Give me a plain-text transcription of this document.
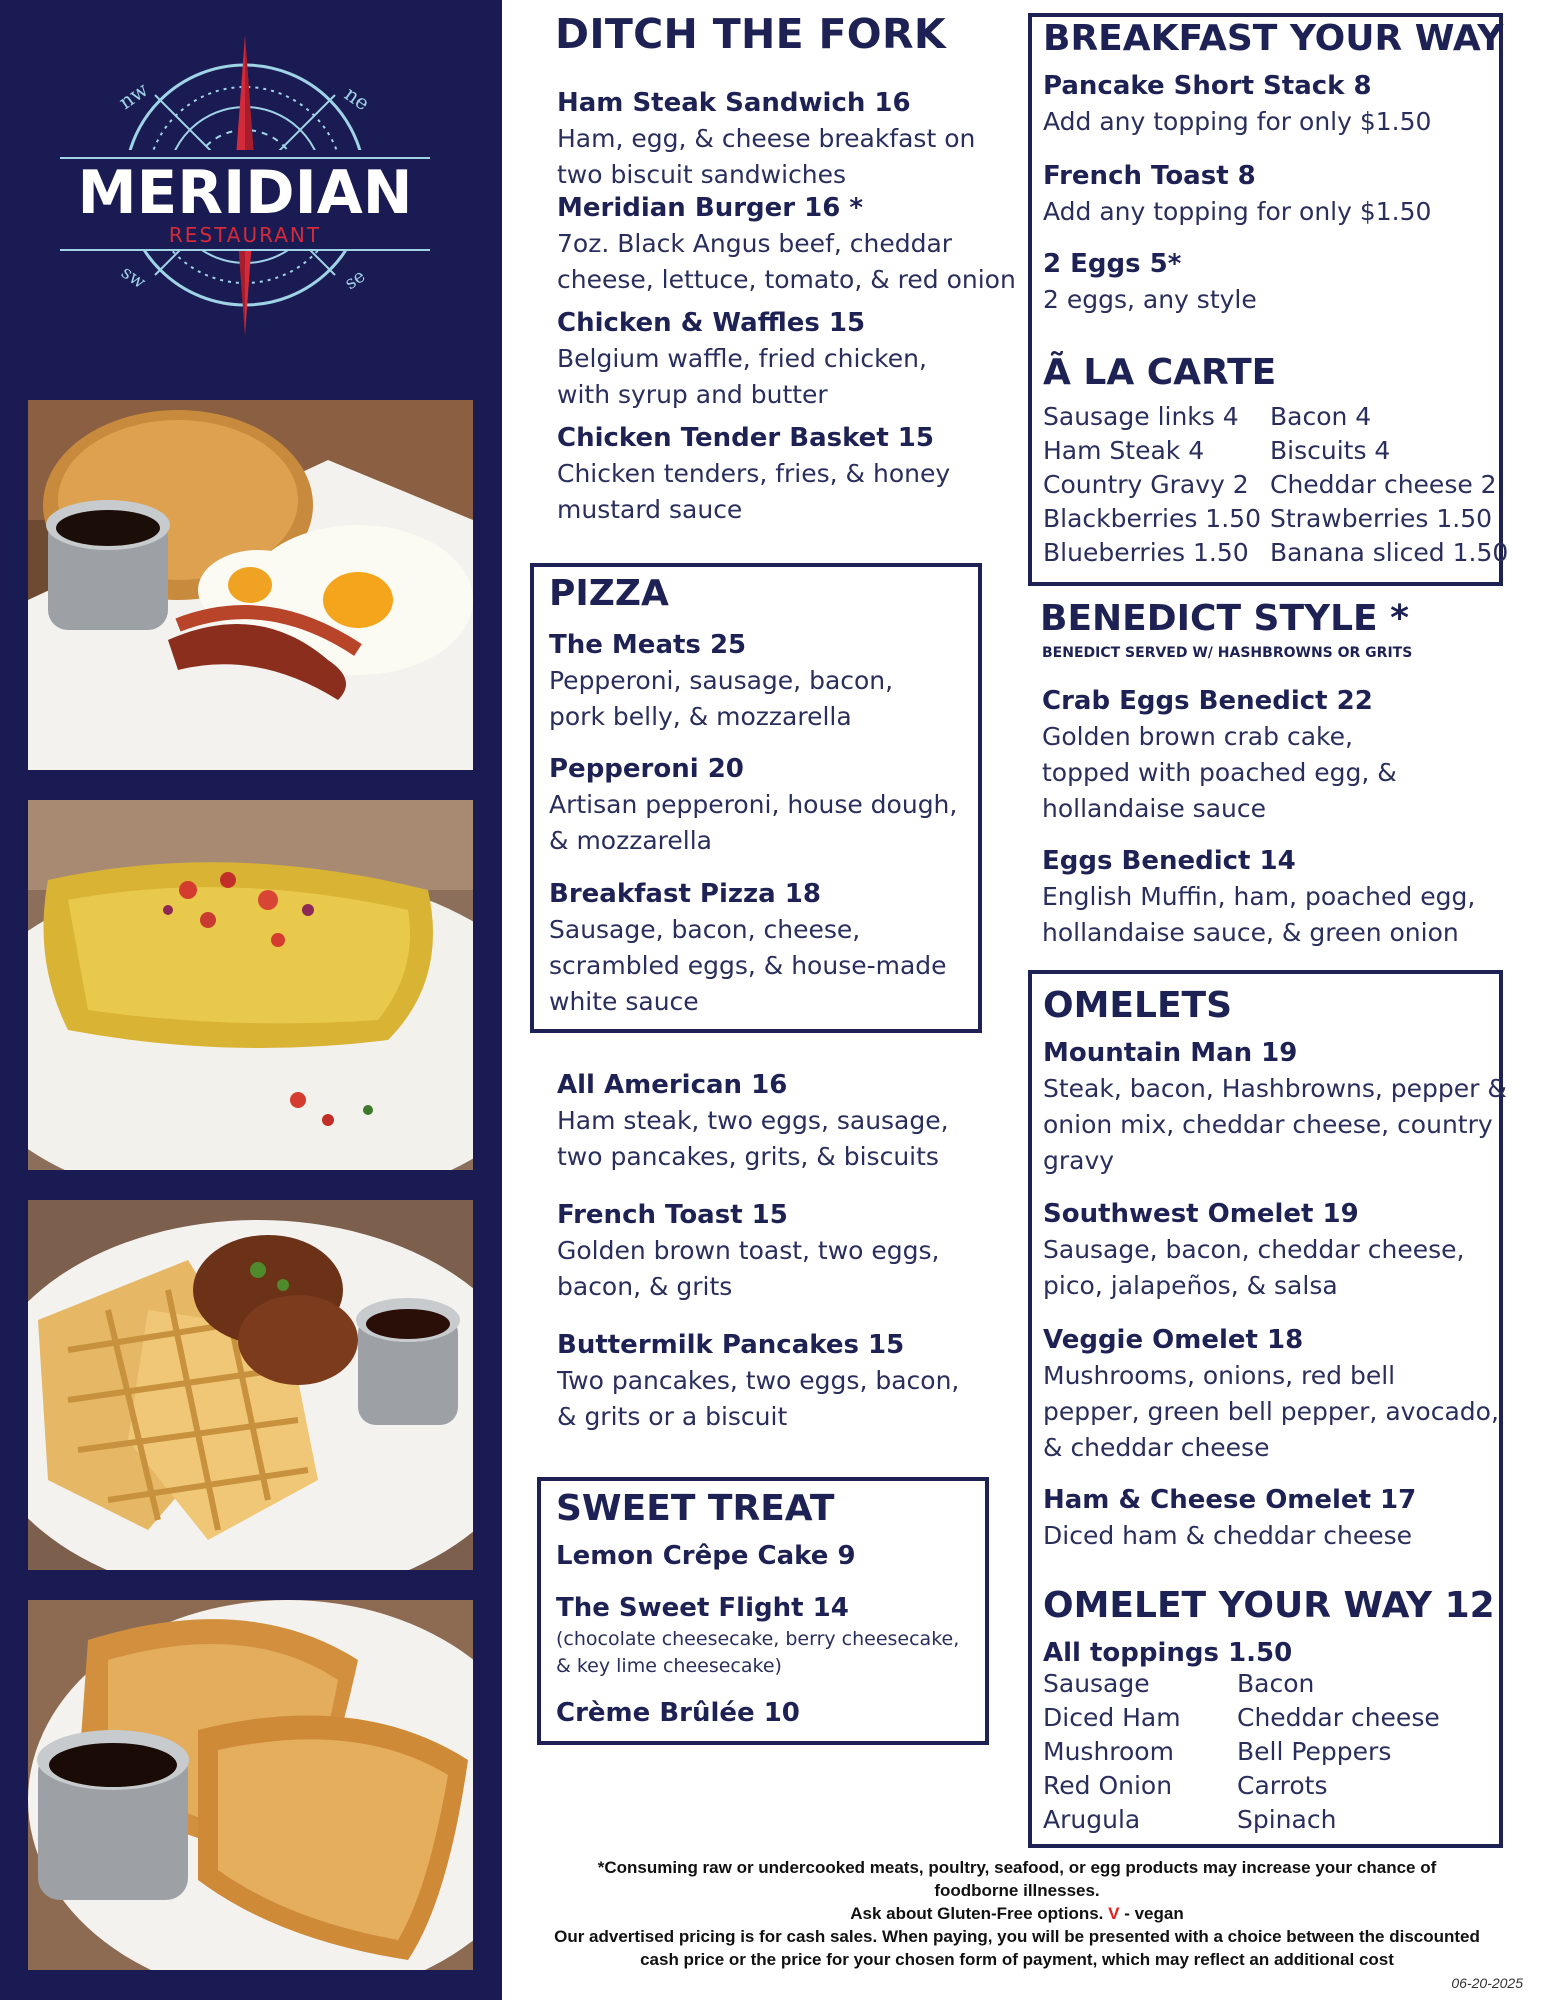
nw	ne
sw	se
MERIDIAN
RESTAURANT
DITCH THE FORK
Ham Steak Sandwich 16
Ham, egg, & cheese breakfast on
two biscuit sandwiches
Meridian Burger 16 *
7oz. Black Angus beef, cheddar
cheese, lettuce, tomato, & red onion
Chicken & Waffles 15
Belgium waffle, fried chicken,
with syrup and butter
Chicken Tender Basket 15
Chicken tenders, fries, & honey
mustard sauce
PIZZA
The Meats 25
Pepperoni, sausage, bacon,
pork belly, & mozzarella
Pepperoni 20
Artisan pepperoni, house dough,
& mozzarella
Breakfast Pizza 18
Sausage, bacon, cheese,
scrambled eggs, & house-made
white sauce
All American 16
Ham steak, two eggs, sausage,
two pancakes, grits, & biscuits
French Toast 15
Golden brown toast, two eggs,
bacon, & grits
Buttermilk Pancakes 15
Two pancakes, two eggs, bacon,
& grits or a biscuit
SWEET TREAT
Lemon Crêpe Cake 9
The Sweet Flight 14
(chocolate cheesecake, berry cheesecake,
& key lime cheesecake)
Crème Brûlée 10
BREAKFAST YOUR WAY
Pancake Short Stack 8
Add any topping for only $1.50
French Toast 8
Add any topping for only $1.50
2 Eggs 5*
2 eggs, any style
Ã LA CARTE
Sausage links 4
Ham Steak 4
Country Gravy 2
Blackberries 1.50
Blueberries 1.50
Bacon 4
Biscuits 4
Cheddar cheese 2
Strawberries 1.50
Banana sliced 1.50
BENEDICT STYLE *
BENEDICT SERVED W/ HASHBROWNS OR GRITS
Crab Eggs Benedict 22
Golden brown crab cake,
topped with poached egg, &
hollandaise sauce
Eggs Benedict 14
English Muffin, ham, poached egg,
hollandaise sauce, & green onion
OMELETS
Mountain Man 19
Steak, bacon, Hashbrowns, pepper &
onion mix, cheddar cheese, country
gravy
Southwest Omelet 19
Sausage, bacon, cheddar cheese,
pico, jalapeños, & salsa
Veggie Omelet 18
Mushrooms, onions, red bell
pepper, green bell pepper, avocado,
& cheddar cheese
Ham & Cheese Omelet 17
Diced ham & cheddar cheese
OMELET YOUR WAY 12
All toppings 1.50
Sausage
Diced Ham
Mushroom
Red Onion
Arugula
Bacon
Cheddar cheese
Bell Peppers
Carrots
Spinach
*Consuming raw or undercooked meats, poultry, seafood, or egg products may increase your chance of
foodborne illnesses.
Ask about Gluten-Free options. V - vegan
Our advertised pricing is for cash sales. When paying, you will be presented with a choice between the discounted
cash price or the price for your chosen form of payment, which may reflect an additional cost
06-20-2025
